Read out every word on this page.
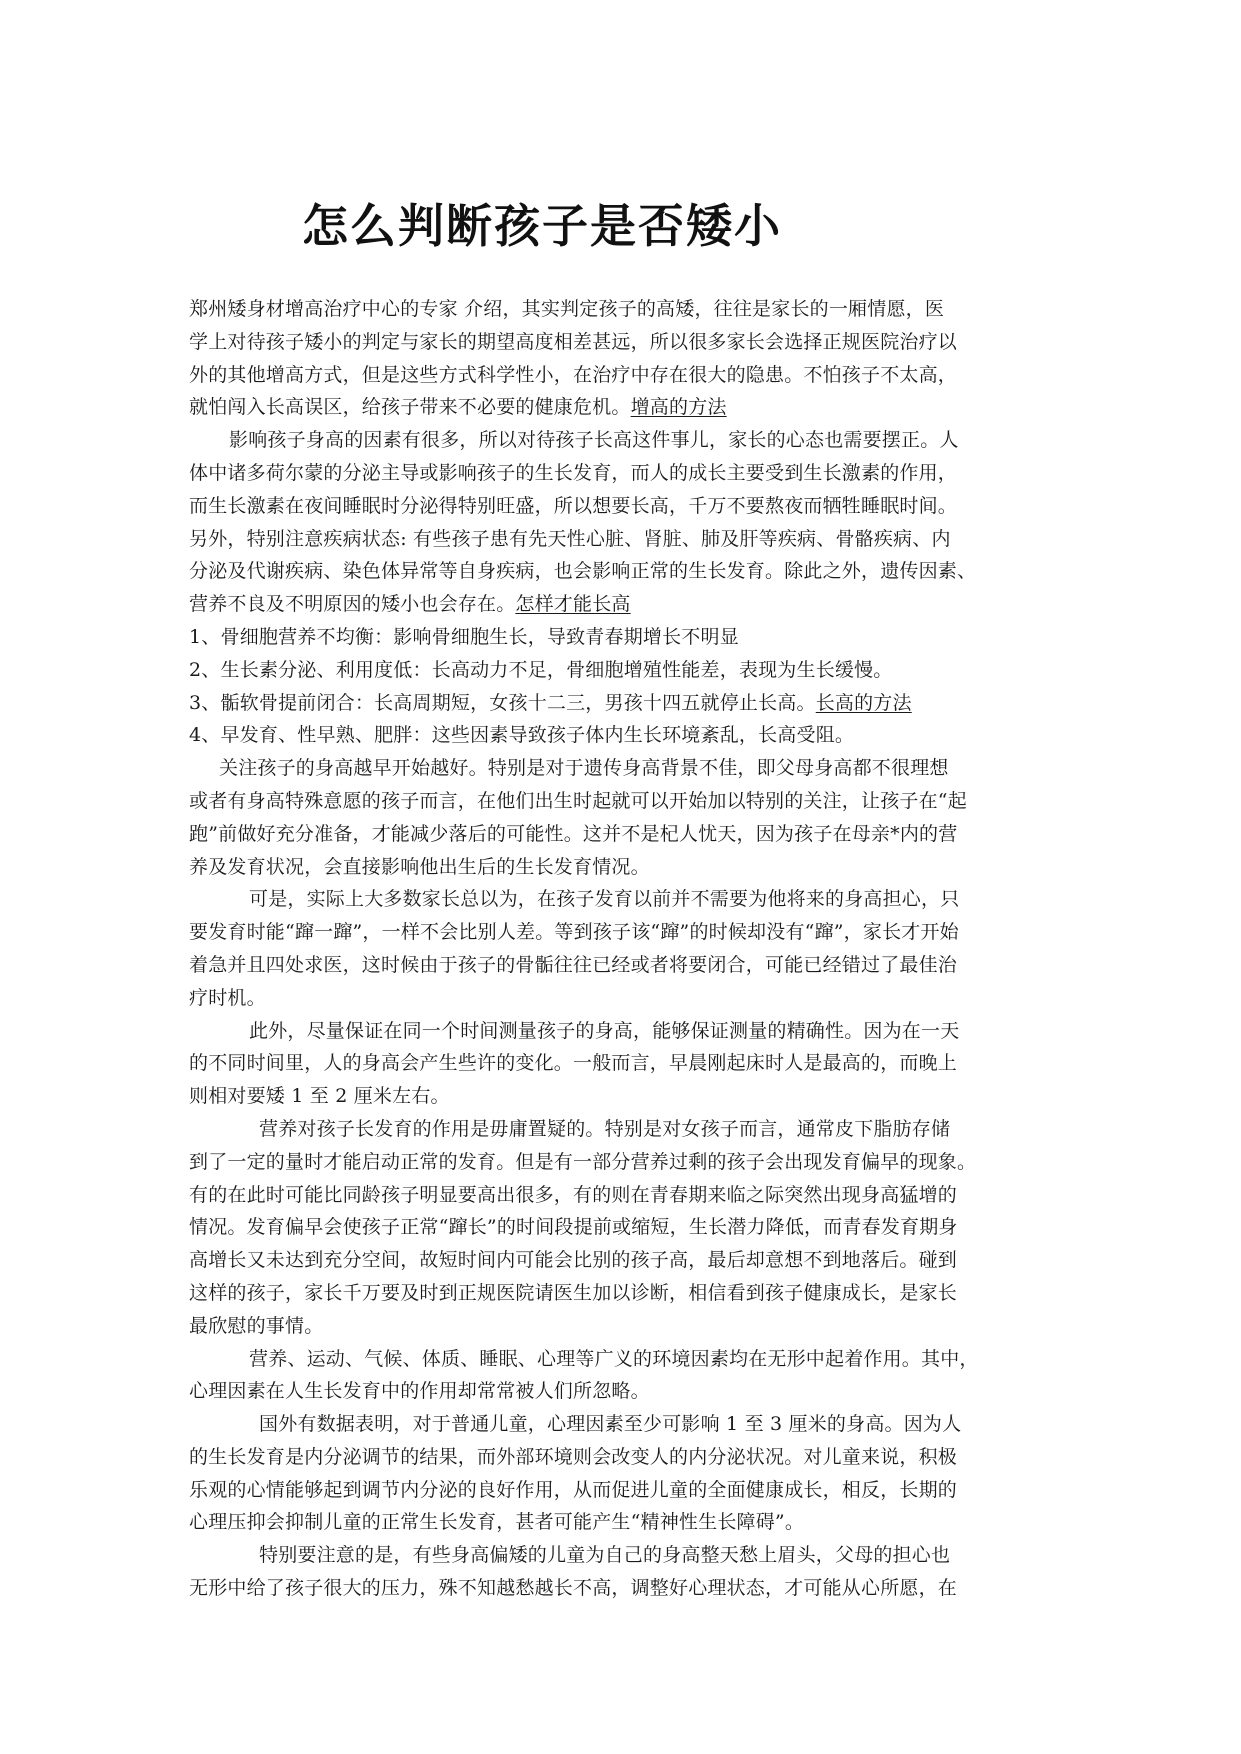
怎么判断孩子是否矮小
郑州矮身材增高治疗中心的专家 介绍，其实判定孩子的高矮，往往是家长的一厢情愿，医
学上对待孩子矮小的判定与家长的期望高度相差甚远，所以很多家长会选择正规医院治疗以
外的其他增高方式，但是这些方式科学性小，在治疗中存在很大的隐患。不怕孩子不太高，
就怕闯入长高误区，给孩子带来不必要的健康危机。增高的方法
影响孩子身高的因素有很多，所以对待孩子长高这件事儿，家长的心态也需要摆正。人
体中诸多荷尔蒙的分泌主导或影响孩子的生长发育，而人的成长主要受到生长激素的作用，
而生长激素在夜间睡眠时分泌得特别旺盛，所以想要长高，千万不要熬夜而牺牲睡眠时间。
另外，特别注意疾病状态: 有些孩子患有先天性心脏、肾脏、肺及肝等疾病、骨骼疾病、内
分泌及代谢疾病、染色体异常等自身疾病，也会影响正常的生长发育。除此之外，遗传因素、
营养不良及不明原因的矮小也会存在。怎样才能长高
1、骨细胞营养不均衡：影响骨细胞生长，导致青春期增长不明显
2、生长素分泌、利用度低：长高动力不足，骨细胞增殖性能差，表现为生长缓慢。
3、骺软骨提前闭合：长高周期短，女孩十二三，男孩十四五就停止长高。长高的方法
4、早发育、性早熟、肥胖：这些因素导致孩子体内生长环境紊乱，长高受阻。
关注孩子的身高越早开始越好。特别是对于遗传身高背景不佳，即父母身高都不很理想
或者有身高特殊意愿的孩子而言，在他们出生时起就可以开始加以特别的关注，让孩子在“起
跑”前做好充分准备，才能减少落后的可能性。这并不是杞人忧天，因为孩子在母亲*内的营
养及发育状况，会直接影响他出生后的生长发育情况。
可是，实际上大多数家长总以为，在孩子发育以前并不需要为他将来的身高担心，只
要发育时能“蹿一蹿”，一样不会比别人差。等到孩子该“蹿”的时候却没有“蹿”，家长才开始
着急并且四处求医，这时候由于孩子的骨骺往往已经或者将要闭合，可能已经错过了最佳治
疗时机。
此外，尽量保证在同一个时间测量孩子的身高，能够保证测量的精确性。因为在一天
的不同时间里，人的身高会产生些许的变化。一般而言，早晨刚起床时人是最高的，而晚上
则相对要矮 1 至 2 厘米左右。
营养对孩子长发育的作用是毋庸置疑的。特别是对女孩子而言，通常皮下脂肪存储
到了一定的量时才能启动正常的发育。但是有一部分营养过剩的孩子会出现发育偏早的现象。
有的在此时可能比同龄孩子明显要高出很多，有的则在青春期来临之际突然出现身高猛增的
情况。发育偏早会使孩子正常“蹿长”的时间段提前或缩短，生长潜力降低，而青春发育期身
高增长又未达到充分空间，故短时间内可能会比别的孩子高，最后却意想不到地落后。碰到
这样的孩子，家长千万要及时到正规医院请医生加以诊断，相信看到孩子健康成长，是家长
最欣慰的事情。
营养、运动、气候、体质、睡眠、心理等广义的环境因素均在无形中起着作用。其中，
心理因素在人生长发育中的作用却常常被人们所忽略。
国外有数据表明，对于普通儿童，心理因素至少可影响 1 至 3 厘米的身高。因为人
的生长发育是内分泌调节的结果，而外部环境则会改变人的内分泌状况。对儿童来说，积极
乐观的心情能够起到调节内分泌的良好作用，从而促进儿童的全面健康成长，相反，长期的
心理压抑会抑制儿童的正常生长发育，甚者可能产生“精神性生长障碍”。
特别要注意的是，有些身高偏矮的儿童为自己的身高整天愁上眉头，父母的担心也
无形中给了孩子很大的压力，殊不知越愁越长不高，调整好心理状态，才可能从心所愿，在
